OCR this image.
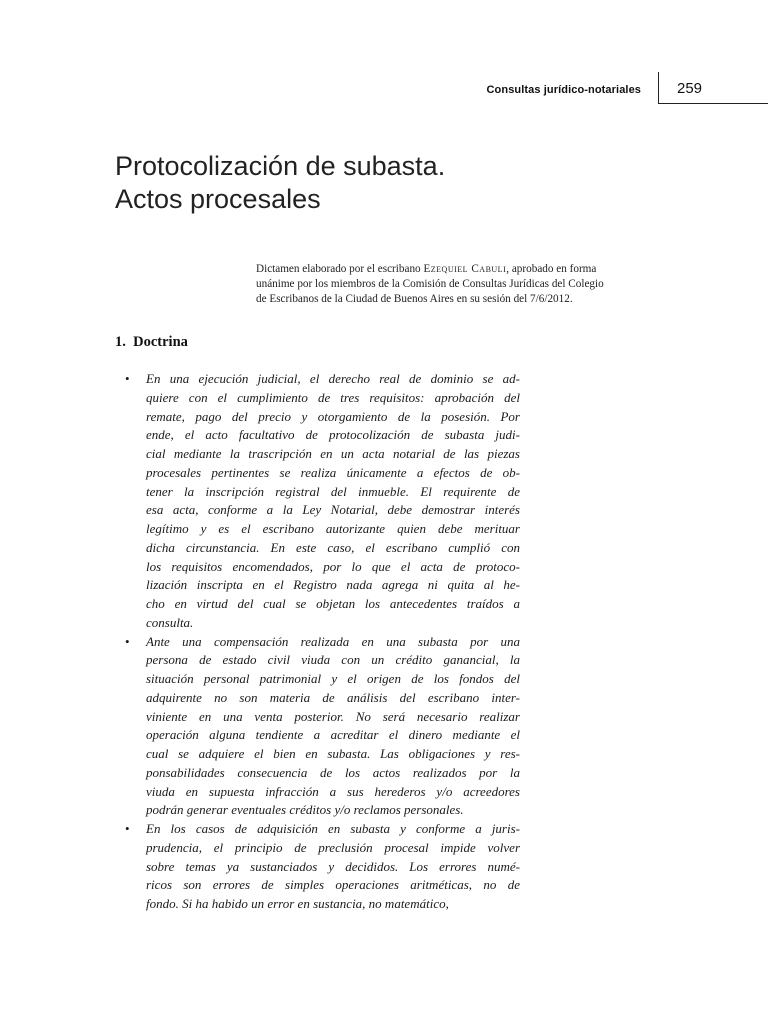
Consultas jurídico-notariales 259
Protocolización de subasta.
Actos procesales
Dictamen elaborado por el escribano Ezequiel Cabuli, aprobado en forma
unánime por los miembros de la Comisión de Consultas Jurídicas del Colegio
de Escribanos de la Ciudad de Buenos Aires en su sesión del 7/6/2012.
1. Doctrina
• En una ejecución judicial, el derecho real de dominio se ad-
quiere con el cumplimiento de tres requisitos: aprobación del
remate, pago del precio y otorgamiento de la posesión. Por
ende, el acto facultativo de protocolización de subasta judi-
cial mediante la trascripción en un acta notarial de las piezas
procesales pertinentes se realiza únicamente a efectos de ob-
tener la inscripción registral del inmueble. El requirente de
esa acta, conforme a la Ley Notarial, debe demostrar interés
legítimo y es el escribano autorizante quien debe merituar
dicha circunstancia. En este caso, el escribano cumplió con
los requisitos encomendados, por lo que el acta de protoco-
lización inscripta en el Registro nada agrega ni quita al he-
cho en virtud del cual se objetan los antecedentes traídos a
consulta.
• Ante una compensación realizada en una subasta por una
persona de estado civil viuda con un crédito ganancial, la
situación personal patrimonial y el origen de los fondos del
adquirente no son materia de análisis del escribano inter-
viniente en una venta posterior. No será necesario realizar
operación alguna tendiente a acreditar el dinero mediante el
cual se adquiere el bien en subasta. Las obligaciones y res-
ponsabilidades consecuencia de los actos realizados por la
viuda en supuesta infracción a sus herederos y/o acreedores
podrán generar eventuales créditos y/o reclamos personales.
• En los casos de adquisición en subasta y conforme a juris-
prudencia, el principio de preclusión procesal impide volver
sobre temas ya sustanciados y decididos. Los errores numé-
ricos son errores de simples operaciones aritméticas, no de
fondo. Si ha habido un error en sustancia, no matemático,
